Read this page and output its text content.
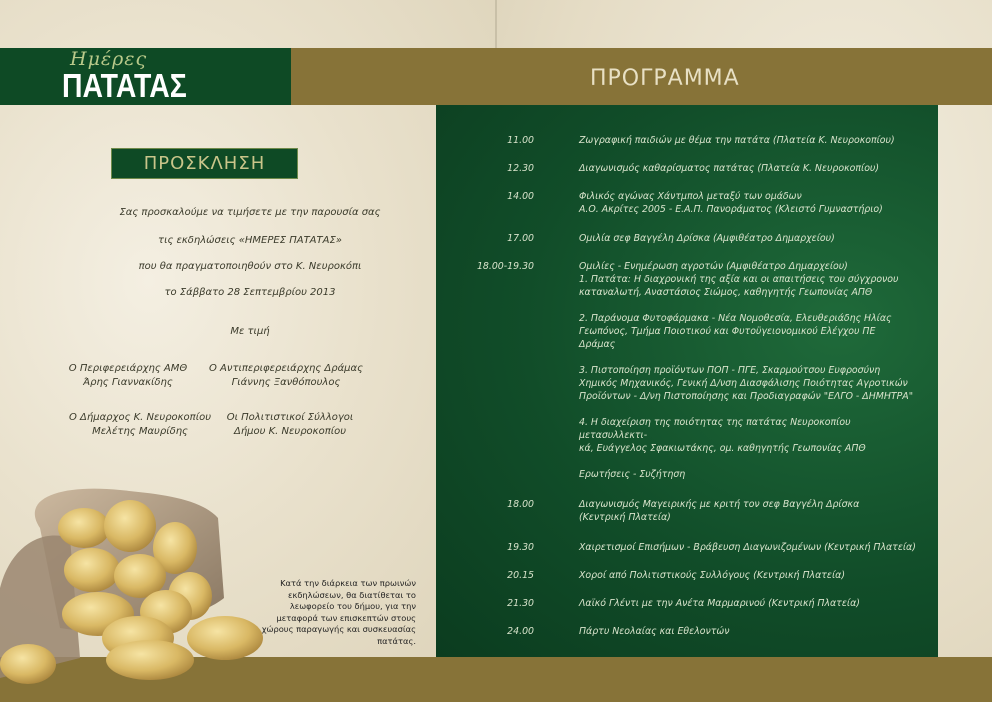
Ημέρες
ΠΑΤΑΤΑΣ	ΠΡΟΓΡΑΜΜΑ
ΠΡΟΣΚΛΗΣΗ
Σας προσκαλούμε να τιμήσετε με την παρουσία σας
τις εκδηλώσεις «ΗΜΕΡΕΣ ΠΑΤΑΤΑΣ»
που θα πραγματοποιηθούν στο Κ. Νευροκόπι
το Σάββατο 28 Σεπτεμβρίου 2013
Με τιμή
Ο Περιφερειάρχης ΑΜΘ
Άρης Γιαννακίδης
Ο Αντιπεριφερειάρχης Δράμας
Γιάννης Ξανθόπουλος
Ο Δήμαρχος Κ. Νευροκοπίου
Μελέτης Μαυρίδης
Οι Πολιτιστικοί Σύλλογοι
Δήμου Κ. Νευροκοπίου
Κατά την διάρκεια των πρωινών εκδηλώσεων, θα διατίθεται το λεωφορείο του δήμου, για την μεταφορά των επισκεπτών στους χώρους παραγωγής και συσκευασίας πατάτας.
11.00	Ζωγραφική παιδιών με θέμα την πατάτα (Πλατεία Κ. Νευροκοπίου)
12.30	Διαγωνισμός καθαρίσματος πατάτας (Πλατεία Κ. Νευροκοπίου)
14.00	Φιλικός αγώνας Χάντμπολ μεταξύ των ομάδων
Α.Ο. Ακρίτες 2005 - Ε.Α.Π. Πανοράματος (Κλειστό Γυμναστήριο)
17.00	Ομιλία σεφ Βαγγέλη Δρίσκα (Αμφιθέατρο Δημαρχείου)
18.00-19.30	Ομιλίες - Ενημέρωση αγροτών (Αμφιθέατρο Δημαρχείου)
1. Πατάτα: Η διαχρονική της αξία και οι απαιτήσεις του σύγχρονου
καταναλωτή, Αναστάσιος Σιώμος, καθηγητής Γεωπονίας ΑΠΘ

2. Παράνομα Φυτοφάρμακα - Νέα Νομοθεσία, Ελευθεριάδης Ηλίας
Γεωπόνος, Τμήμα Ποιοτικού και Φυτοϋγειονομικού Ελέγχου ΠΕ
Δράμας

3. Πιστοποίηση προϊόντων ΠΟΠ - ΠΓΕ, Σκαρμούτσου Ευφροσύνη
Χημικός Μηχανικός, Γενική Δ/νση Διασφάλισης Ποιότητας Αγροτικών
Προϊόντων - Δ/νη Πιστοποίησης και Προδιαγραφών "ΕΛΓΟ - ΔΗΜΗΤΡΑ"

4. Η διαχείριση της ποιότητας της πατάτας Νευροκοπίου μετασυλλεκτι-
κά, Ευάγγελος Σφακιωτάκης, ομ. καθηγητής Γεωπονίας ΑΠΘ

Ερωτήσεις - Συζήτηση
18.00	Διαγωνισμός Μαγειρικής με κριτή τον σεφ Βαγγέλη Δρίσκα
(Κεντρική Πλατεία)
19.30	Χαιρετισμοί Επισήμων - Βράβευση Διαγωνιζομένων (Κεντρική Πλατεία)
20.15	Χοροί από Πολιτιστικούς Συλλόγους (Κεντρική Πλατεία)
21.30	Λαϊκό Γλέντι με την Ανέτα Μαρμαρινού (Κεντρική Πλατεία)
24.00	Πάρτυ Νεολαίας και Εθελοντών
